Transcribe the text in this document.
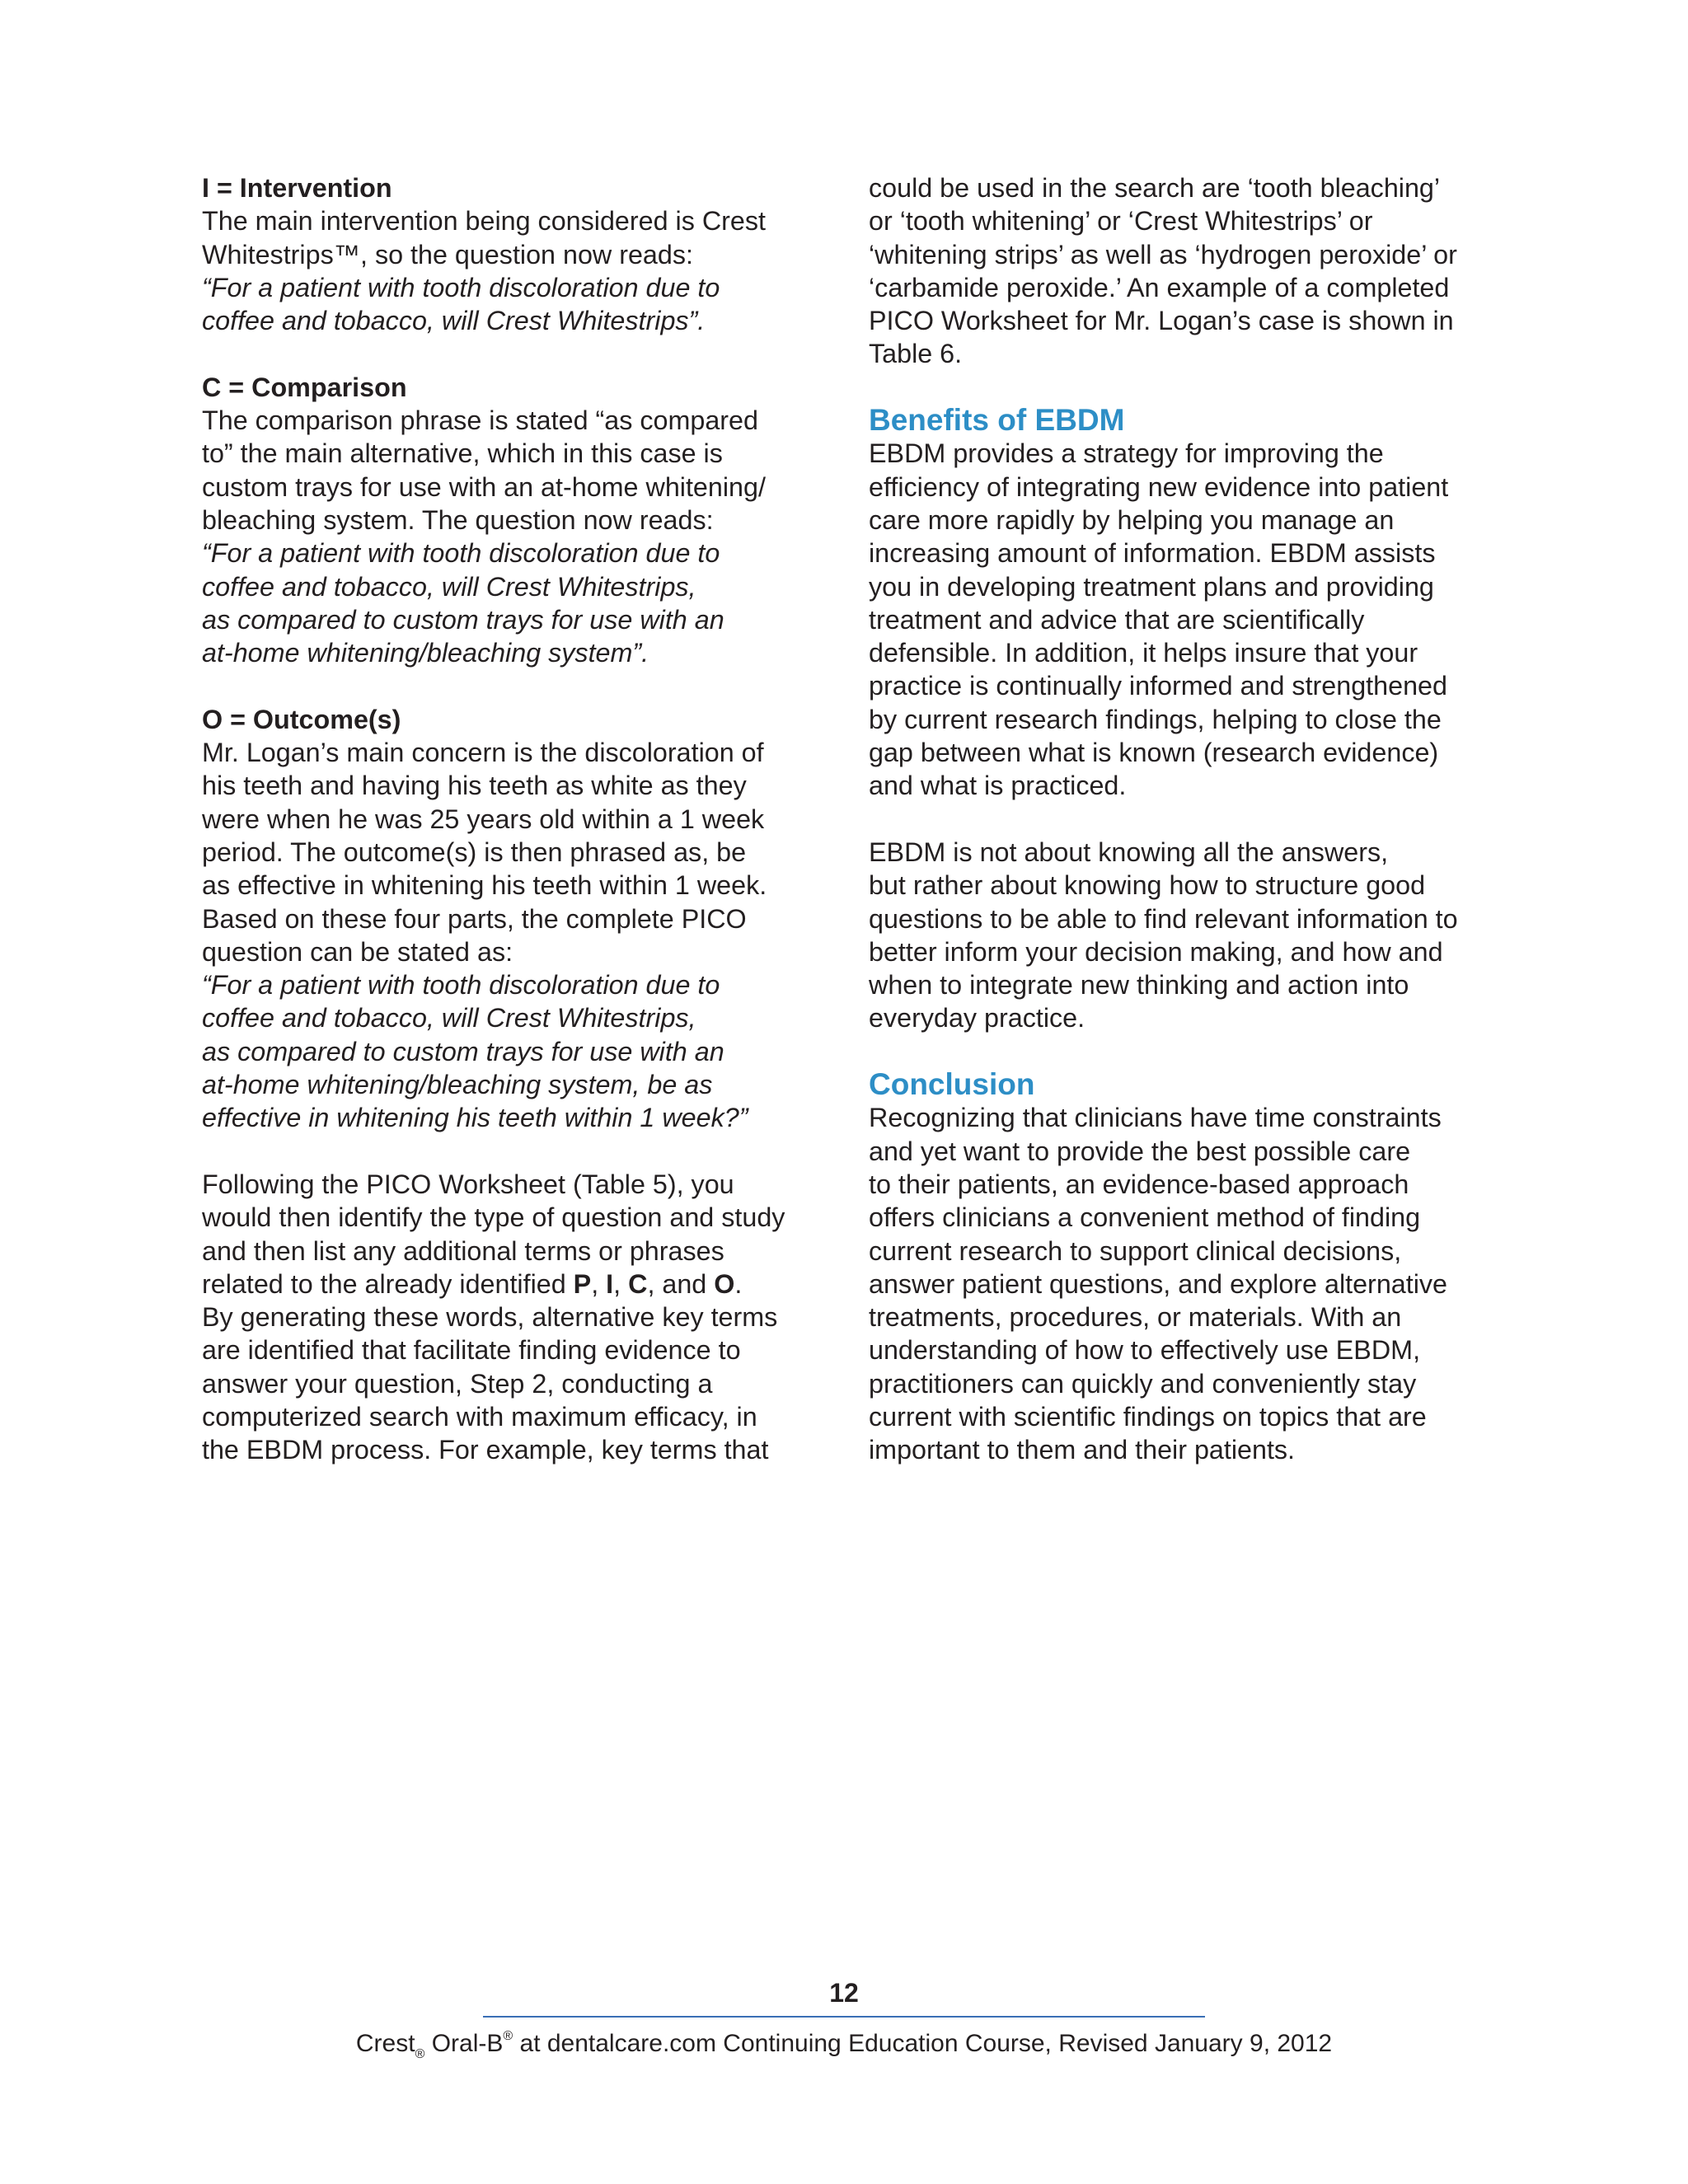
I = Intervention
The main intervention being considered is Crest
Whitestrips™, so the question now reads:
“For a patient with tooth discoloration due to
coffee and tobacco, will Crest Whitestrips”.
C = Comparison
The comparison phrase is stated “as compared
to” the main alternative, which in this case is
custom trays for use with an at-home whitening/
bleaching system. The question now reads:
“For a patient with tooth discoloration due to
coffee and tobacco, will Crest Whitestrips,
as compared to custom trays for use with an
at-home whitening/bleaching system”.
O = Outcome(s)
Mr. Logan’s main concern is the discoloration of
his teeth and having his teeth as white as they
were when he was 25 years old within a 1 week
period. The outcome(s) is then phrased as, be
as effective in whitening his teeth within 1 week.
Based on these four parts, the complete PICO
question can be stated as:
“For a patient with tooth discoloration due to
coffee and tobacco, will Crest Whitestrips,
as compared to custom trays for use with an
at-home whitening/bleaching system, be as
effective in whitening his teeth within 1 week?”
Following the PICO Worksheet (Table 5), you
would then identify the type of question and study
and then list any additional terms or phrases
related to the already identified P, I, C, and O.
By generating these words, alternative key terms
are identified that facilitate finding evidence to
answer your question, Step 2, conducting a
computerized search with maximum efficacy, in
the EBDM process. For example, key terms that
could be used in the search are ‘tooth bleaching’
or ‘tooth whitening’ or ‘Crest Whitestrips’ or
‘whitening strips’ as well as ‘hydrogen peroxide’ or
‘carbamide peroxide.’ An example of a completed
PICO Worksheet for Mr. Logan’s case is shown in
Table 6.
Benefits of EBDM
EBDM provides a strategy for improving the
efficiency of integrating new evidence into patient
care more rapidly by helping you manage an
increasing amount of information. EBDM assists
you in developing treatment plans and providing
treatment and advice that are scientifically
defensible. In addition, it helps insure that your
practice is continually informed and strengthened
by current research findings, helping to close the
gap between what is known (research evidence)
and what is practiced.
EBDM is not about knowing all the answers,
but rather about knowing how to structure good
questions to be able to find relevant information to
better inform your decision making, and how and
when to integrate new thinking and action into
everyday practice.
Conclusion
Recognizing that clinicians have time constraints
and yet want to provide the best possible care
to their patients, an evidence-based approach
offers clinicians a convenient method of finding
current research to support clinical decisions,
answer patient questions, and explore alternative
treatments, procedures, or materials. With an
understanding of how to effectively use EBDM,
practitioners can quickly and conveniently stay
current with scientific findings on topics that are
important to them and their patients.
12
Crest$_®$ Oral-B® at dentalcare.com Continuing Education Course, Revised January 9, 2012
